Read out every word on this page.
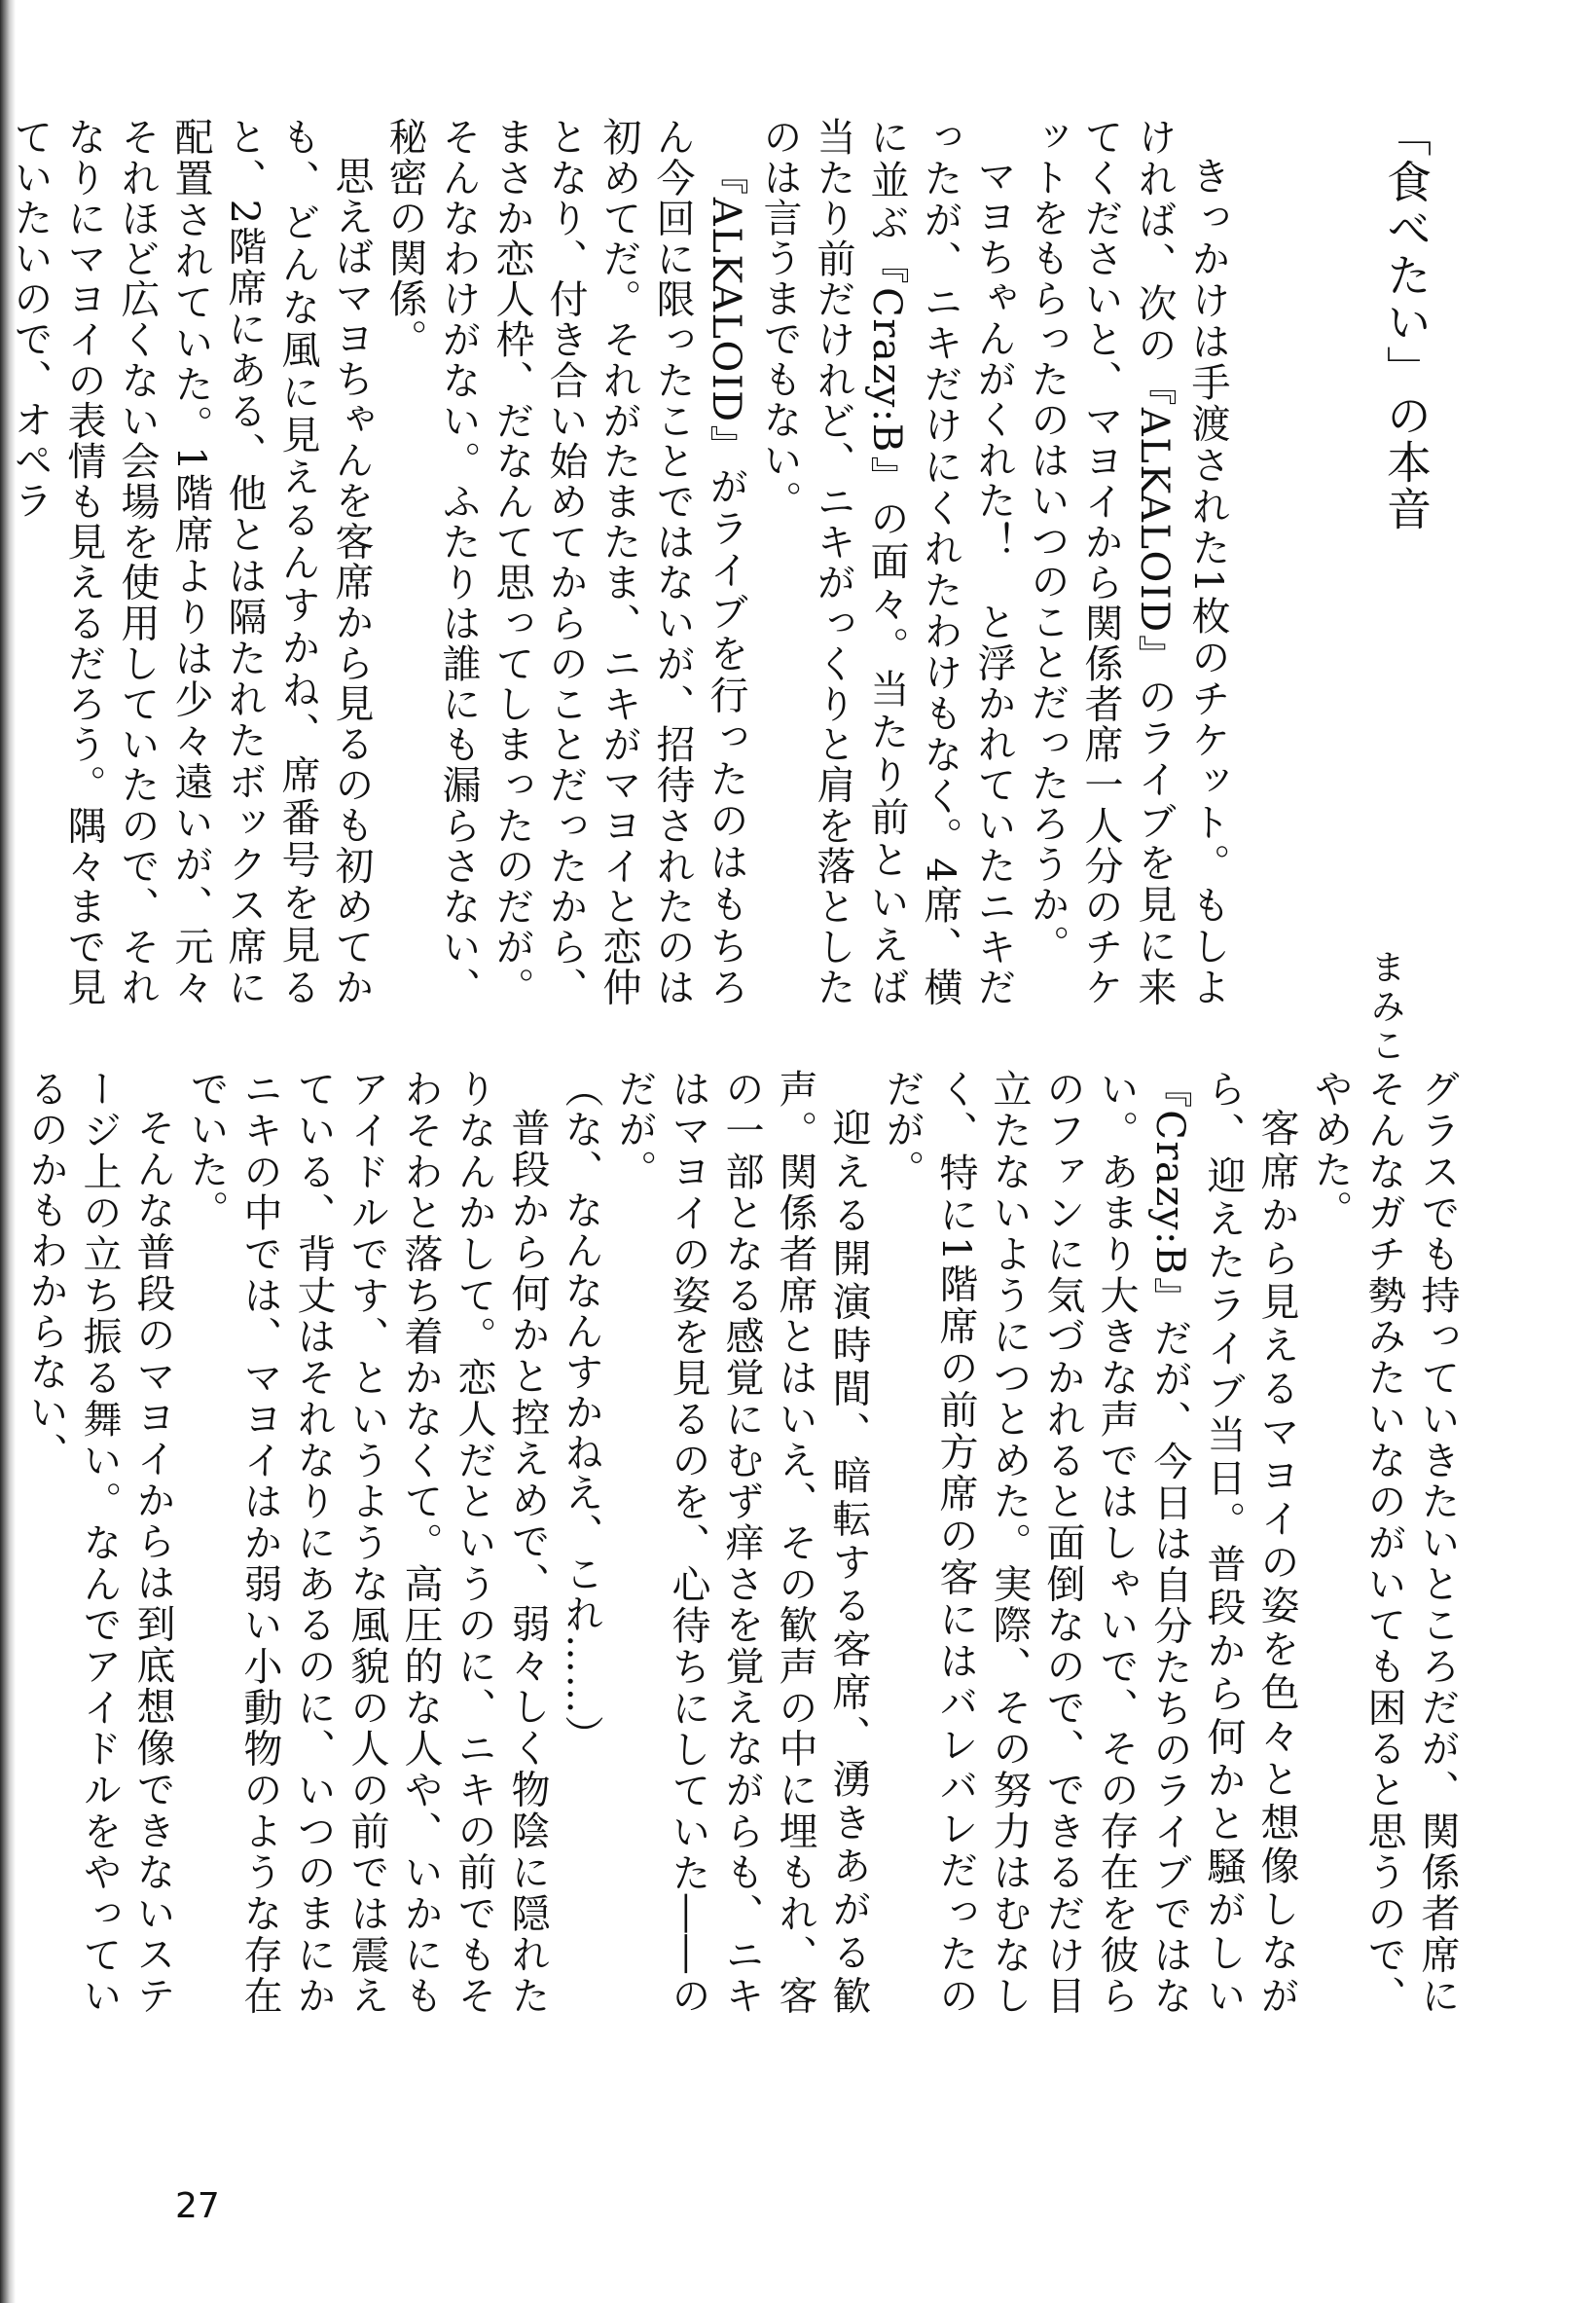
「食べたい」の本音
まみこ

きっかけは手渡された1枚のチケット。もしよければ、次の『ALKALOID』のライブを見に来てくださいと、マヨイから関係者席一人分のチケットをもらったのはいつのことだったろうか。

マヨちゃんがくれた！　と浮かれていたニキだったが、ニキだけにくれたわけもなく。4席、横に並ぶ『Crazy:B』の面々。当たり前といえば当たり前だけれど、ニキがっくりと肩を落としたのは言うまでもない。

『ALKALOID』がライブを行ったのはもちろん今回に限ったことではないが、招待されたのは初めてだ。それがたまたま、ニキがマヨイと恋仲となり、付き合い始めてからのことだったから、まさか恋人枠、だなんて思ってしまったのだが。そんなわけがない。ふたりは誰にも漏らさない、秘密の関係。

思えばマヨちゃんを客席から見るのも初めてかも、どんな風に見えるんすかね、席番号を見ると、2階席にある、他とは隔たれたボックス席に配置されていた。1階席よりは少々遠いが、元々それほど広くない会場を使用していたので、それなりにマヨイの表情も見えるだろう。隅々まで見ていたいので、オペラ

グラスでも持っていきたいところだが、関係者席にそんなガチ勢みたいなのがいても困ると思うので、やめた。

客席から見えるマヨイの姿を色々と想像しながら、迎えたライブ当日。普段から何かと騒がしい『Crazy:B』だが、今日は自分たちのライブではない。あまり大きな声ではしゃいで、その存在を彼らのファンに気づかれると面倒なので、できるだけ目立たないようにつとめた。実際、その努力はむなしく、特に1階席の前方席の客にはバレバレだったのだが。

迎える開演時間、暗転する客席、湧きあがる歓声。関係者席とはいえ、その歓声の中に埋もれ、客の一部となる感覚にむず痒さを覚えながらも、ニキはマヨイの姿を見るのを、心待ちにしていた――のだが。

（な、なんなんすかねえ、これ……）

普段から何かと控えめで、弱々しく物陰に隠れたりなんかして。恋人だというのに、ニキの前でもそわそわと落ち着かなくて。高圧的な人や、いかにもアイドルです、というような風貌の人の前では震えている、背丈はそれなりにあるのに、いつのまにかニキの中では、マヨイはか弱い小動物のような存在でいた。

そんな普段のマヨイからは到底想像できないステージ上の立ち振る舞い。なんでアイドルをやっているのかもわからない、

27
